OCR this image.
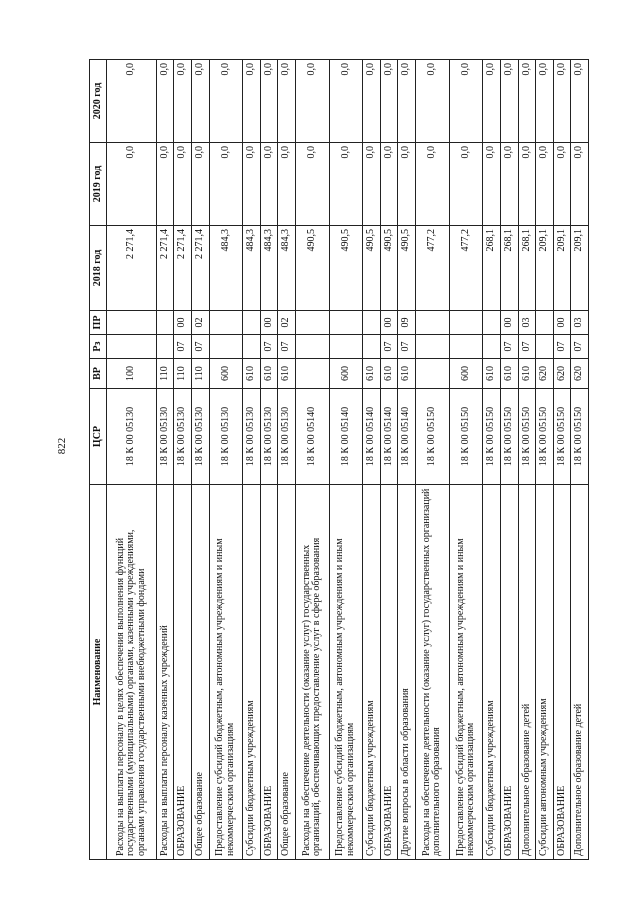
822
Наименование	ЦСР	ВР	Рз	ПР	2018 год	2019 год	2020 год
Расходы на выплаты персоналу в целях обеспечения выполнения функций государственными (муниципальными) органами, казенными учреждениями, органами управления государственными внебюджетными фондами	18 К 00 05130	100			2 271,4	0,0	0,0
Расходы на выплаты персоналу казенных учреждений	18 К 00 05130	110			2 271,4	0,0	0,0
ОБРАЗОВАНИЕ	18 К 00 05130	110	07	00	2 271,4	0,0	0,0
Общее образование	18 К 00 05130	110	07	02	2 271,4	0,0	0,0
Предоставление субсидий бюджетным, автономным учреждениям и иным некоммерческим организациям	18 К 00 05130	600			484,3	0,0	0,0
Субсидии бюджетным учреждениям	18 К 00 05130	610			484,3	0,0	0,0
ОБРАЗОВАНИЕ	18 К 00 05130	610	07	00	484,3	0,0	0,0
Общее образование	18 К 00 05130	610	07	02	484,3	0,0	0,0
Расходы на обеспечение деятельности (оказание услуг) государственных организаций, обеспечивающих предоставление услуг в сфере образования	18 К 00 05140				490,5	0,0	0,0
Предоставление субсидий бюджетным, автономным учреждениям и иным некоммерческим организациям	18 К 00 05140	600			490,5	0,0	0,0
Субсидии бюджетным учреждениям	18 К 00 05140	610			490,5	0,0	0,0
ОБРАЗОВАНИЕ	18 К 00 05140	610	07	00	490,5	0,0	0,0
Другие вопросы в области образования	18 К 00 05140	610	07	09	490,5	0,0	0,0
Расходы на обеспечение деятельности (оказание услуг) государственных организаций дополнительного образования	18 К 00 05150				477,2	0,0	0,0
Предоставление субсидий бюджетным, автономным учреждениям и иным некоммерческим организациям	18 К 00 05150	600			477,2	0,0	0,0
Субсидии бюджетным учреждениям	18 К 00 05150	610			268,1	0,0	0,0
ОБРАЗОВАНИЕ	18 К 00 05150	610	07	00	268,1	0,0	0,0
Дополнительное образование детей	18 К 00 05150	610	07	03	268,1	0,0	0,0
Субсидии автономным учреждениям	18 К 00 05150	620			209,1	0,0	0,0
ОБРАЗОВАНИЕ	18 К 00 05150	620	07	00	209,1	0,0	0,0
Дополнительное образование детей	18 К 00 05150	620	07	03	209,1	0,0	0,0
